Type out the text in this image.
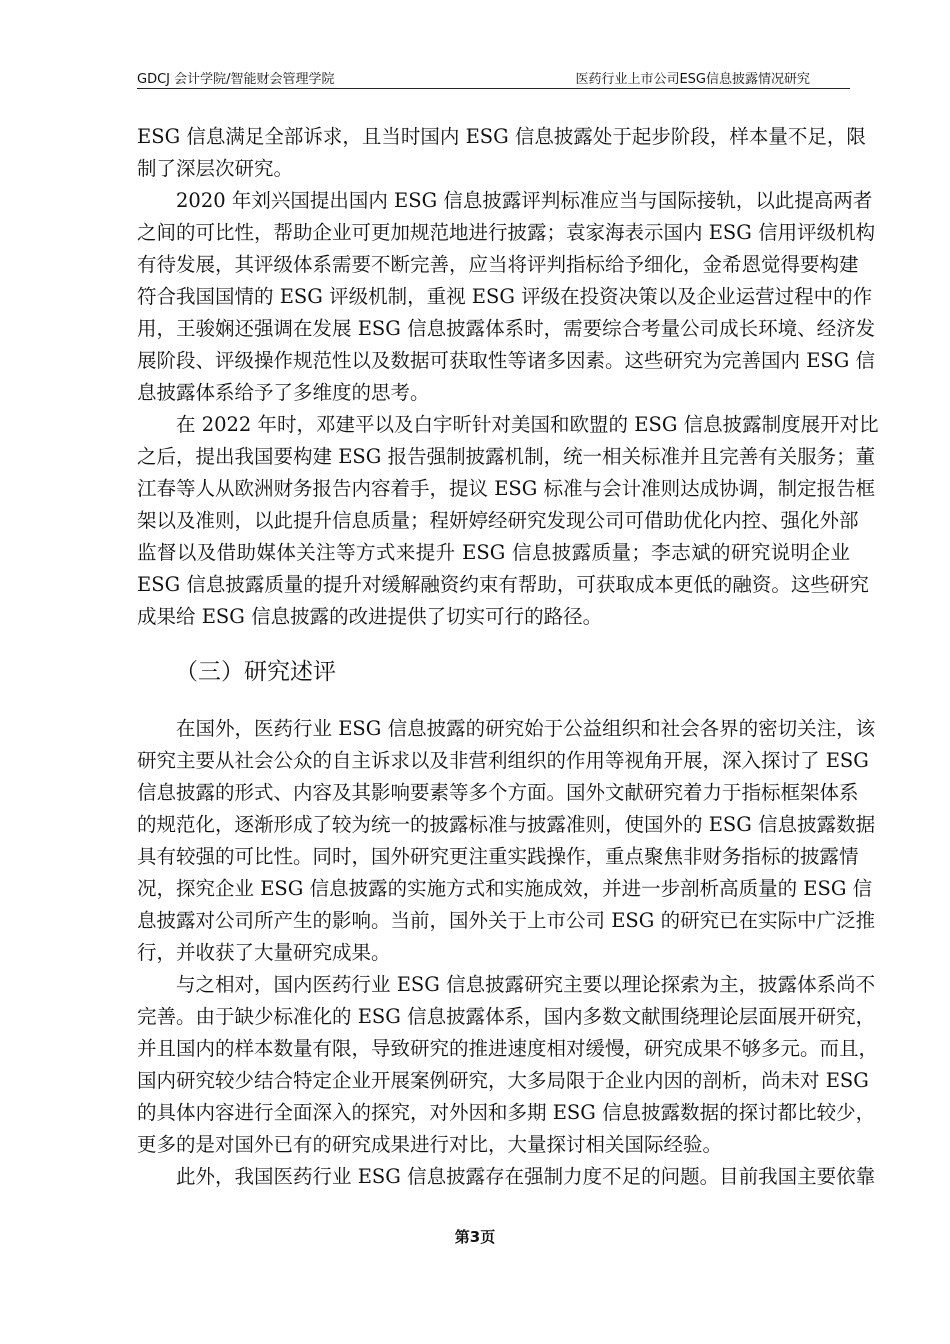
GDCJ 会计学院/智能财会管理学院	医药行业上市公司ESG信息披露情况研究
ESG 信息满足全部诉求，且当时国内 ESG 信息披露处于起步阶段，样本量不足，限
制了深层次研究。
2020 年刘兴国提出国内 ESG 信息披露评判标准应当与国际接轨，以此提高两者
之间的可比性，帮助企业可更加规范地进行披露；袁家海表示国内 ESG 信用评级机构
有待发展，其评级体系需要不断完善，应当将评判指标给予细化，金希恩觉得要构建
符合我国国情的 ESG 评级机制，重视 ESG 评级在投资决策以及企业运营过程中的作
用，王骏娴还强调在发展 ESG 信息披露体系时，需要综合考量公司成长环境、经济发
展阶段、评级操作规范性以及数据可获取性等诸多因素。这些研究为完善国内 ESG 信
息披露体系给予了多维度的思考。
在 2022 年时，邓建平以及白宇昕针对美国和欧盟的 ESG 信息披露制度展开对比
之后，提出我国要构建 ESG 报告强制披露机制，统一相关标准并且完善有关服务；董
江春等人从欧洲财务报告内容着手，提议 ESG 标准与会计准则达成协调，制定报告框
架以及准则，以此提升信息质量；程妍婷经研究发现公司可借助优化内控、强化外部
监督以及借助媒体关注等方式来提升 ESG 信息披露质量；李志斌的研究说明企业
ESG 信息披露质量的提升对缓解融资约束有帮助，可获取成本更低的融资。这些研究
成果给 ESG 信息披露的改进提供了切实可行的路径。
（三）研究述评
在国外，医药行业 ESG 信息披露的研究始于公益组织和社会各界的密切关注，该
研究主要从社会公众的自主诉求以及非营利组织的作用等视角开展，深入探讨了 ESG
信息披露的形式、内容及其影响要素等多个方面。国外文献研究着力于指标框架体系
的规范化，逐渐形成了较为统一的披露标准与披露准则，使国外的 ESG 信息披露数据
具有较强的可比性。同时，国外研究更注重实践操作，重点聚焦非财务指标的披露情
况，探究企业 ESG 信息披露的实施方式和实施成效，并进一步剖析高质量的 ESG 信
息披露对公司所产生的影响。当前，国外关于上市公司 ESG 的研究已在实际中广泛推
行，并收获了大量研究成果。
与之相对，国内医药行业 ESG 信息披露研究主要以理论探索为主，披露体系尚不
完善。由于缺少标准化的 ESG 信息披露体系，国内多数文献围绕理论层面展开研究，
并且国内的样本数量有限，导致研究的推进速度相对缓慢，研究成果不够多元。而且，
国内研究较少结合特定企业开展案例研究，大多局限于企业内因的剖析，尚未对 ESG
的具体内容进行全面深入的探究，对外因和多期 ESG 信息披露数据的探讨都比较少，
更多的是对国外已有的研究成果进行对比，大量探讨相关国际经验。
此外，我国医药行业 ESG 信息披露存在强制力度不足的问题。目前我国主要依靠
第3页
